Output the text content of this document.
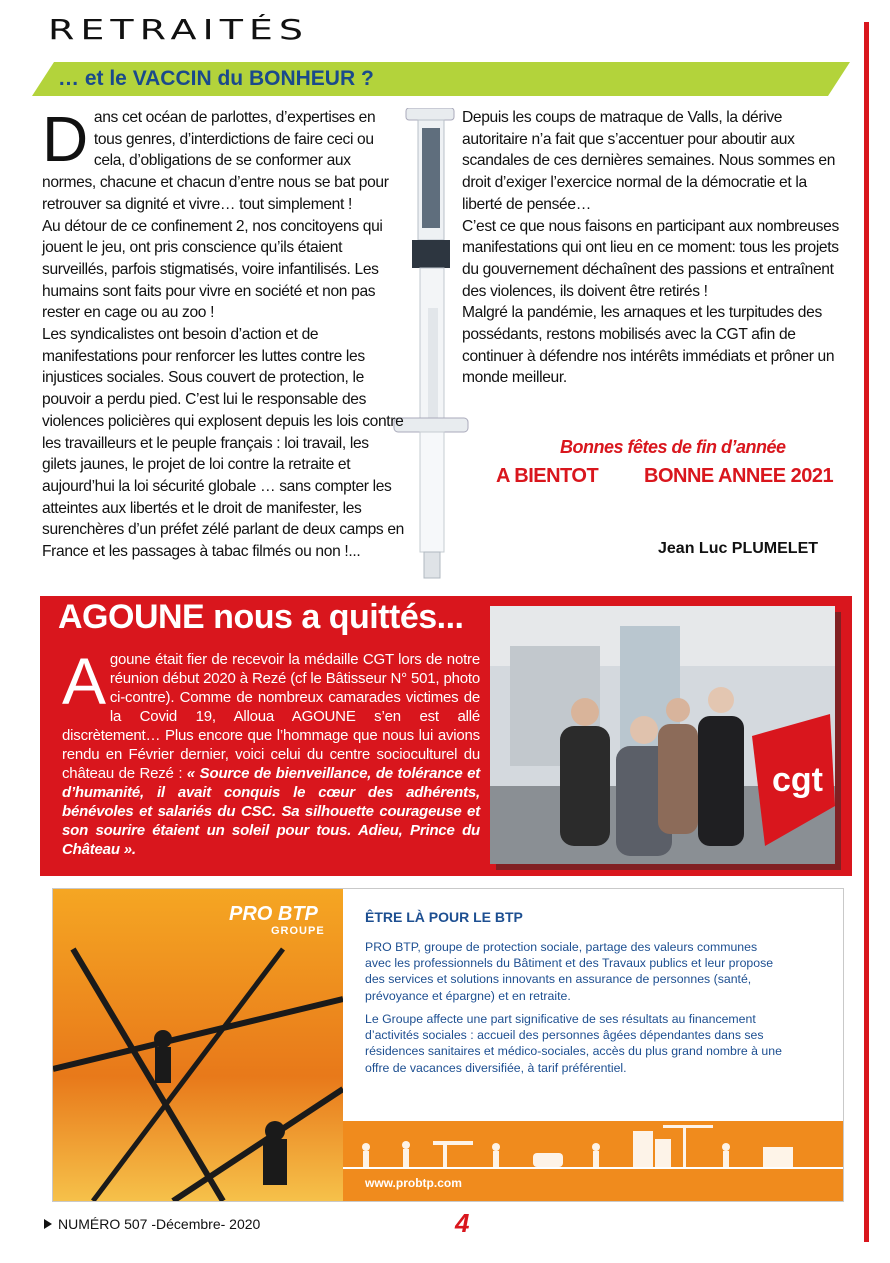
RETRAITÉS
… et le VACCIN du BONHEUR ?
D ans cet océan de parlottes, d’expertises en tous genres, d’interdictions de faire ceci ou cela, d’obligations de se conformer aux normes, chacune et chacun d’entre nous se bat pour retrouver sa dignité et vivre… tout simplement !

Au détour de ce confinement 2, nos concitoyens qui jouent le jeu, ont pris conscience qu’ils étaient surveillés, parfois stigmatisés, voire infantilisés. Les humains sont faits pour vivre en société et non pas rester en cage ou au zoo !

Les syndicalistes ont besoin d’action et de manifestations pour renforcer les luttes contre les injustices sociales. Sous couvert de protection, le pouvoir a perdu pied. C’est lui le responsable des violences policières qui explosent depuis les lois contre les travailleurs et le peuple français : loi travail, les gilets jaunes, le projet de loi contre la retraite et aujourd’hui la loi sécurité globale … sans compter les atteintes aux libertés et le droit de manifester, les surenchères d’un préfet zélé parlant de deux camps en France et les passages à tabac filmés ou non !...

Depuis les coups de matraque de Valls, la dérive autoritaire n’a fait que s’accentuer pour aboutir aux scandales de ces dernières semaines. Nous sommes en droit d’exiger l’exercice normal de la démocratie et la liberté de pensée…

C’est ce que nous faisons en participant aux nombreuses manifestations qui ont lieu en ce moment: tous les projets du gouvernement déchaînent des passions et entraînent des violences, ils doivent être retirés !

Malgré la pandémie, les arnaques et les turpitudes des possédants, restons mobilisés avec la CGT afin de continuer à défendre nos intérêts immédiats et prôner un monde meilleur.

Bonnes fêtes de fin d’année
A BIENTOT BONNE ANNEE 2021
Jean Luc PLUMELET
AGOUNE nous a quittés...
A goune était fier de recevoir la médaille CGT lors de notre réunion début 2020 à Rezé (cf le Bâtisseur N° 501, photo ci-contre). Comme de nombreux camarades victimes de la Covid 19, Alloua AGOUNE s’en est allé discrètement… Plus encore que l’hommage que nous lui avions rendu en Février dernier, voici celui du centre socioculturel du château de Rezé : « Source de bienveillance, de tolérance et d’humanité, il avait conquis le cœur des adhérents, bénévoles et salariés du CSC. Sa silhouette courageuse et son sourire étaient un soleil pour tous. Adieu, Prince du Château ».
cgt
PRO BTP
GROUPE
ÊTRE LÀ POUR LE BTP
PRO BTP, groupe de protection sociale, partage des valeurs communes avec les professionnels du Bâtiment et des Travaux publics et leur propose des services et solutions innovants en assurance de personnes (santé, prévoyance et épargne) et en retraite.
Le Groupe affecte une part significative de ses résultats au financement d’activités sociales : accueil des personnes âgées dépendantes dans ses résidences sanitaires et médico-sociales, accès du plus grand nombre à une offre de vacances diversifiée, à tarif préférentiel.
www.probtp.com
NUMÉRO 507 -Décembre- 2020	4
